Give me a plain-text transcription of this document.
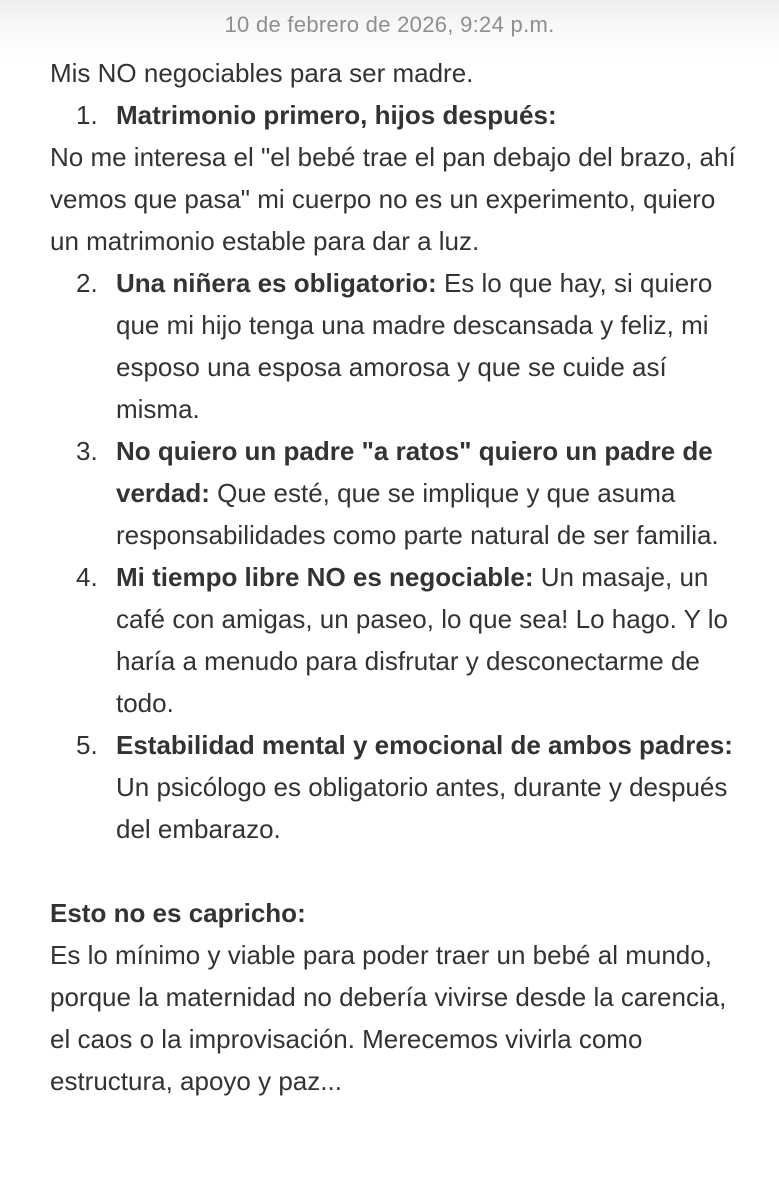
10 de febrero de 2026, 9:24 p.m.

Mis NO negociables para ser madre.

1. Matrimonio primero, hijos después:

No me interesa el "el bebé trae el pan debajo del brazo, ahí vemos que pasa" mi cuerpo no es un experimento, quiero un matrimonio estable para dar a luz.

2. Una niñera es obligatorio: Es lo que hay, si quiero que mi hijo tenga una madre descansada y feliz, mi esposo una esposa amorosa y que se cuide así misma.
3. No quiero un padre "a ratos" quiero un padre de verdad: Que esté, que se implique y que asuma responsabilidades como parte natural de ser familia.
4. Mi tiempo libre NO es negociable: Un masaje, un café con amigas, un paseo, lo que sea! Lo hago. Y lo haría a menudo para disfrutar y desconectarme de todo.
5. Estabilidad mental y emocional de ambos padres: Un psicólogo es obligatorio antes, durante y después del embarazo.

Esto no es capricho:

Es lo mínimo y viable para poder traer un bebé al mundo, porque la maternidad no debería vivirse desde la carencia, el caos o la improvisación. Merecemos vivirla como estructura, apoyo y paz...
